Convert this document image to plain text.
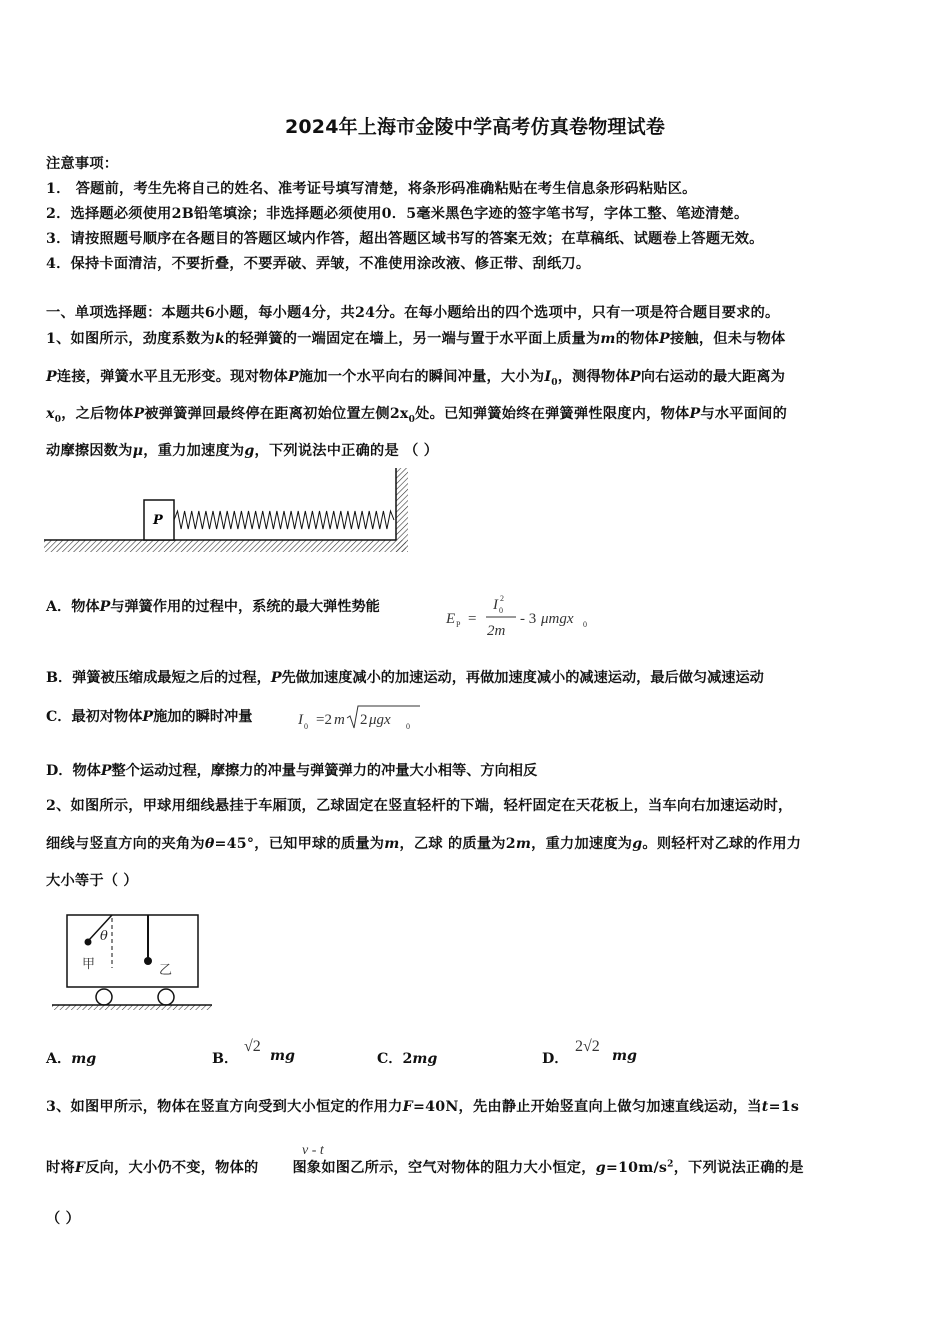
2024年上海市金陵中学高考仿真卷物理试卷
注意事项：
1． 答题前，考生先将自己的姓名、准考证号填写清楚，将条形码准确粘贴在考生信息条形码粘贴区。
2．选择题必须使用2B铅笔填涂；非选择题必须使用0．5毫米黑色字迹的签字笔书写，字体工整、笔迹清楚。
3．请按照题号顺序在各题目的答题区域内作答，超出答题区域书写的答案无效；在草稿纸、试题卷上答题无效。
4．保持卡面清洁，不要折叠，不要弄破、弄皱，不准使用涂改液、修正带、刮纸刀。
一、单项选择题：本题共6小题，每小题4分，共24分。在每小题给出的四个选项中，只有一项是符合题目要求的。
1、如图所示，劲度系数为k的轻弹簧的一端固定在墙上，另一端与置于水平面上质量为m的物体P接触，但未与物体
P连接，弹簧水平且无形变。现对物体P施加一个水平向右的瞬间冲量，大小为$I_0$，测得物体P向右运动的最大距离为
$x_0$，之后物体P被弹簧弹回最终停在距离初始位置左侧$2x_0$处。已知弹簧始终在弹簧弹性限度内，物体P与水平面间的
动摩擦因数为μ，重力加速度为g，下列说法中正确的是 （ ）
P
A．物体P与弹簧作用的过程中，系统的最大弹性势能
E P =
I 0
2
2m
- 3 μmgx 0
B．弹簧被压缩成最短之后的过程，P先做加速度减小的加速运动，再做加速度减小的减速运动，最后做匀减速运动
C．最初对物体P施加的瞬时冲量	I 0 =2 m 2 μgx 0
D．物体P整个运动过程，摩擦力的冲量与弹簧弹力的冲量大小相等、方向相反
2、如图所示，甲球用细线悬挂于车厢顶，乙球固定在竖直轻杆的下端，轻杆固定在天花板上，当车向右加速运动时，
细线与竖直方向的夹角为θ=45°，已知甲球的质量为m，乙球 的质量为2m，重力加速度为g。则轻杆对乙球的作用力
大小等于（ ）
θ
甲	乙
A．mg	B．
√2
mg	C．2mg	D．
2√2
mg
3、如图甲所示，物体在竖直方向受到大小恒定的作用力F=40N，先由静止开始竖直向上做匀加速直线运动，当t=1s
时将F反向，大小仍不变，物体的 图象如图乙所示，空气对物体的阻力大小恒定，$g=10m/s^2$，下列说法正确的是
v - t
（ ）
